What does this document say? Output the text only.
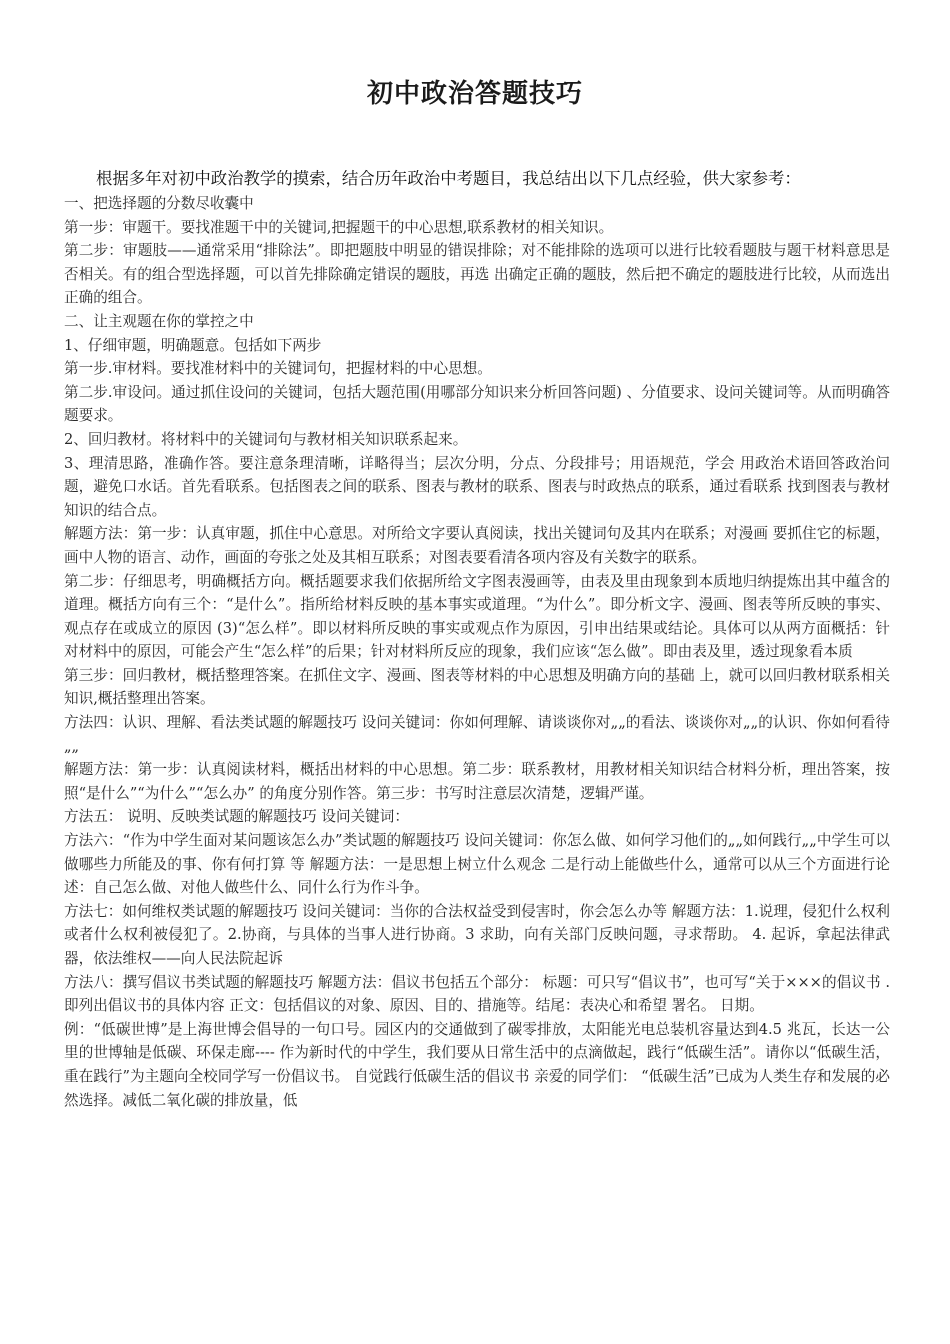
初中政治答题技巧

根据多年对初中政治教学的摸索，结合历年政治中考题目，我总结出以下几点经验，供大家参考：

一、把选择题的分数尽收囊中

第一步：审题干。要找准题干中的关键词,把握题干的中心思想,联系教材的相关知识。

第二步：审题肢——通常采用“排除法”。即把题肢中明显的错误排除；对不能排除的选项可以进行比较看题肢与题干材料意思是否相关。有的组合型选择题，可以首先排除确定错误的题肢，再选 出确定正确的题肢，然后把不确定的题肢进行比较，从而选出正确的组合。

二、让主观题在你的掌控之中

1、仔细审题，明确题意。包括如下两步

第一步.审材料。要找准材料中的关键词句，把握材料的中心思想。

第二步.审设问。通过抓住设问的关键词，包括大题范围(用哪部分知识来分析回答问题) 、分值要求、设问关键词等。从而明确答题要求。

2、回归教材。将材料中的关键词句与教材相关知识联系起来。

3、理清思路，准确作答。要注意条理清晰，详略得当；层次分明，分点、分段排号；用语规范，学会 用政治术语回答政治问题，避免口水话。首先看联系。包括图表之间的联系、图表与教材的联系、图表与时政热点的联系，通过看联系 找到图表与教材知识的结合点。

解题方法：第一步：认真审题，抓住中心意思。对所给文字要认真阅读，找出关键词句及其内在联系；对漫画 要抓住它的标题，画中人物的语言、动作，画面的夸张之处及其相互联系；对图表要看清各项内容及有关数字的联系。

第二步：仔细思考，明确概括方向。概括题要求我们依据所给文字图表漫画等，由表及里由现象到本质地归纳提炼出其中蕴含的道理。概括方向有三个：“是什么”。指所给材料反映的基本事实或道理。“为什么”。即分析文字、漫画、图表等所反映的事实、观点存在或成立的原因 (3)“怎么样”。即以材料所反映的事实或观点作为原因，引申出结果或结论。具体可以从两方面概括：针 对材料中的原因，可能会产生“怎么样”的后果；针对材料所反应的现象，我们应该“怎么做”。即由表及里，透过现象看本质

第三步：回归教材，概括整理答案。在抓住文字、漫画、图表等材料的中心思想及明确方向的基础 上，就可以回归教材联系相关知识,概括整理出答案。

方法四：认识、理解、看法类试题的解题技巧 设问关键词：你如何理解、请谈谈你对„„的看法、谈谈你对„„的认识、你如何看待„„

解题方法：第一步：认真阅读材料，概括出材料的中心思想。第二步：联系教材，用教材相关知识结合材料分析，理出答案，按照“是什么”“为什么”“怎么办” 的角度分别作答。第三步：书写时注意层次清楚，逻辑严谨。

方法五： 说明、反映类试题的解题技巧 设问关键词：

方法六：“作为中学生面对某问题该怎么办”类试题的解题技巧 设问关键词：你怎么做、如何学习他们的„„如何践行„„中学生可以做哪些力所能及的事、你有何打算 等 解题方法：一是思想上树立什么观念 二是行动上能做些什么，通常可以从三个方面进行论述：自己怎么做、对他人做些什么、同什么行为作斗争。

方法七：如何维权类试题的解题技巧 设问关键词：当你的合法权益受到侵害时，你会怎么办等 解题方法：1.说理，侵犯什么权利或者什么权利被侵犯了。2.协商，与具体的当事人进行协商。3 求助，向有关部门反映问题，寻求帮助。 4. 起诉，拿起法律武器，依法维权——向人民法院起诉

方法八：撰写倡议书类试题的解题技巧 解题方法：倡议书包括五个部分： 标题：可只写“倡议书”，也可写“关于×××的倡议书 . 即列出倡议书的具体内容 正文：包括倡议的对象、原因、目的、措施等。结尾：表决心和希望 署名。 日期。

例：“低碳世博”是上海世博会倡导的一句口号。园区内的交通做到了碳零排放，太阳能光电总装机容量达到4.5 兆瓦，长达一公里的世博轴是低碳、环保走廊---- 作为新时代的中学生，我们要从日常生活中的点滴做起，践行“低碳生活”。请你以“低碳生活，重在践行”为主题向全校同学写一份倡议书。 自觉践行低碳生活的倡议书 亲爱的同学们： “低碳生活”已成为人类生存和发展的必然选择。减低二氧化碳的排放量，低
